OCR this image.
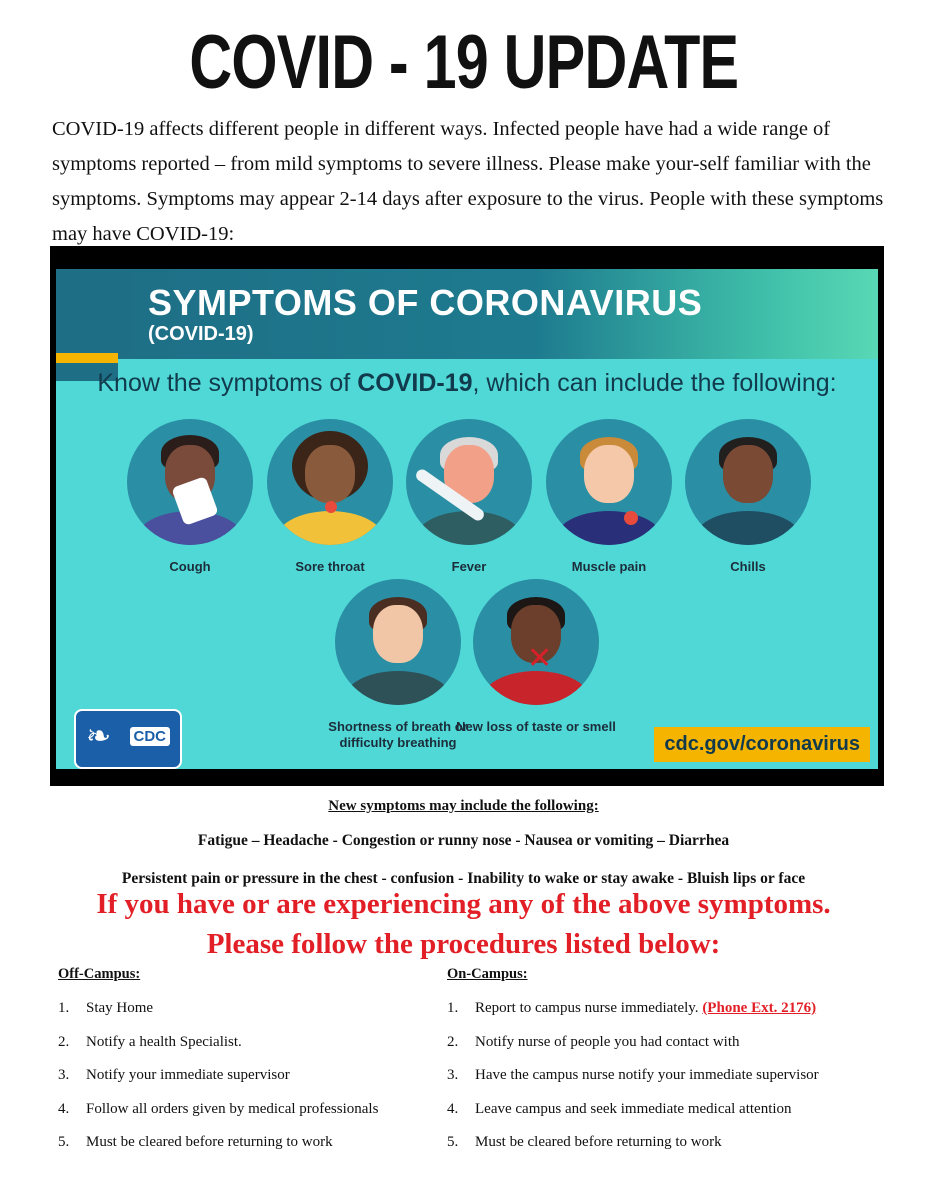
COVID - 19 UPDATE
COVID-19 affects different people in different ways. Infected people have had a wide range of symptoms reported – from mild symptoms to severe illness. Please make your-self familiar with the symptoms. Symptoms may appear 2-14 days after exposure to the virus. People with these symptoms may have COVID-19:
SYMPTOMS OF CORONAVIRUS
(COVID-19)
Know the symptoms of COVID-19, which can include the following:
Cough	Sore throat	Fever	Muscle pain	Chills
Shortness of breath or difficulty breathing
✕
New loss of taste or smell
❧ CDC	cdc.gov/coronavirus
New symptoms may include the following:
Fatigue – Headache - Congestion or runny nose - Nausea or vomiting – Diarrhea
Persistent pain or pressure in the chest - confusion - Inability to wake or stay awake - Bluish lips or face
If you have or are experiencing any of the above symptoms.
Please follow the procedures listed below:
Off-Campus:
1.	Stay Home
2.	Notify a health Specialist.
3.	Notify your immediate supervisor
4.	Follow all orders given by medical professionals
5.	Must be cleared before returning to work
On-Campus:
1.	Report to campus nurse immediately. (Phone Ext. 2176)
2.	Notify nurse of people you had contact with
3.	Have the campus nurse notify your immediate supervisor
4.	Leave campus and seek immediate medical attention
5.	Must be cleared before returning to work
